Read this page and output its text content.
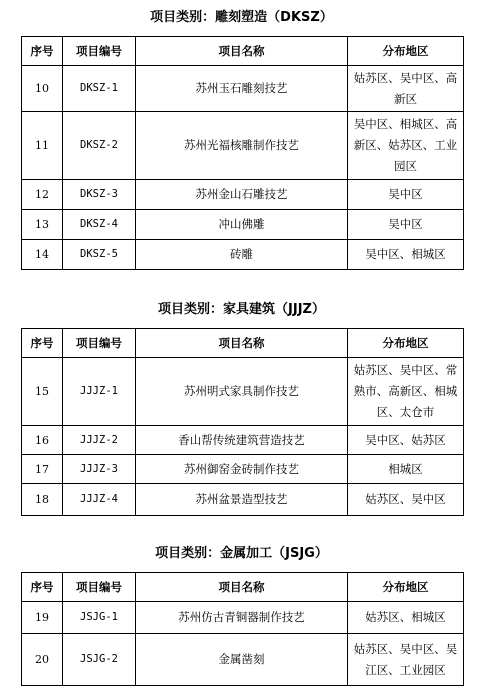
项目类别：雕刻塑造（DKSZ）
序号	项目编号	项目名称	分布地区
10	DKSZ-1	苏州玉石雕刻技艺	姑苏区、吴中区、高新区
11	DKSZ-2	苏州光福核雕制作技艺	吴中区、相城区、高新区、姑苏区、工业园区
12	DKSZ-3	苏州金山石雕技艺	吴中区
13	DKSZ-4	冲山佛雕	吴中区
14	DKSZ-5	砖雕	吴中区、相城区
项目类别：家具建筑（JJJZ）
序号	项目编号	项目名称	分布地区
15	JJJZ-1	苏州明式家具制作技艺	姑苏区、吴中区、常熟市、高新区、相城区、太仓市
16	JJJZ-2	香山帮传统建筑营造技艺	吴中区、姑苏区
17	JJJZ-3	苏州御窑金砖制作技艺	相城区
18	JJJZ-4	苏州盆景造型技艺	姑苏区、吴中区
项目类别：金属加工（JSJG）
序号	项目编号	项目名称	分布地区
19	JSJG-1	苏州仿古青铜器制作技艺	姑苏区、相城区
20	JSJG-2	金属凿刻	姑苏区、吴中区、吴江区、工业园区
